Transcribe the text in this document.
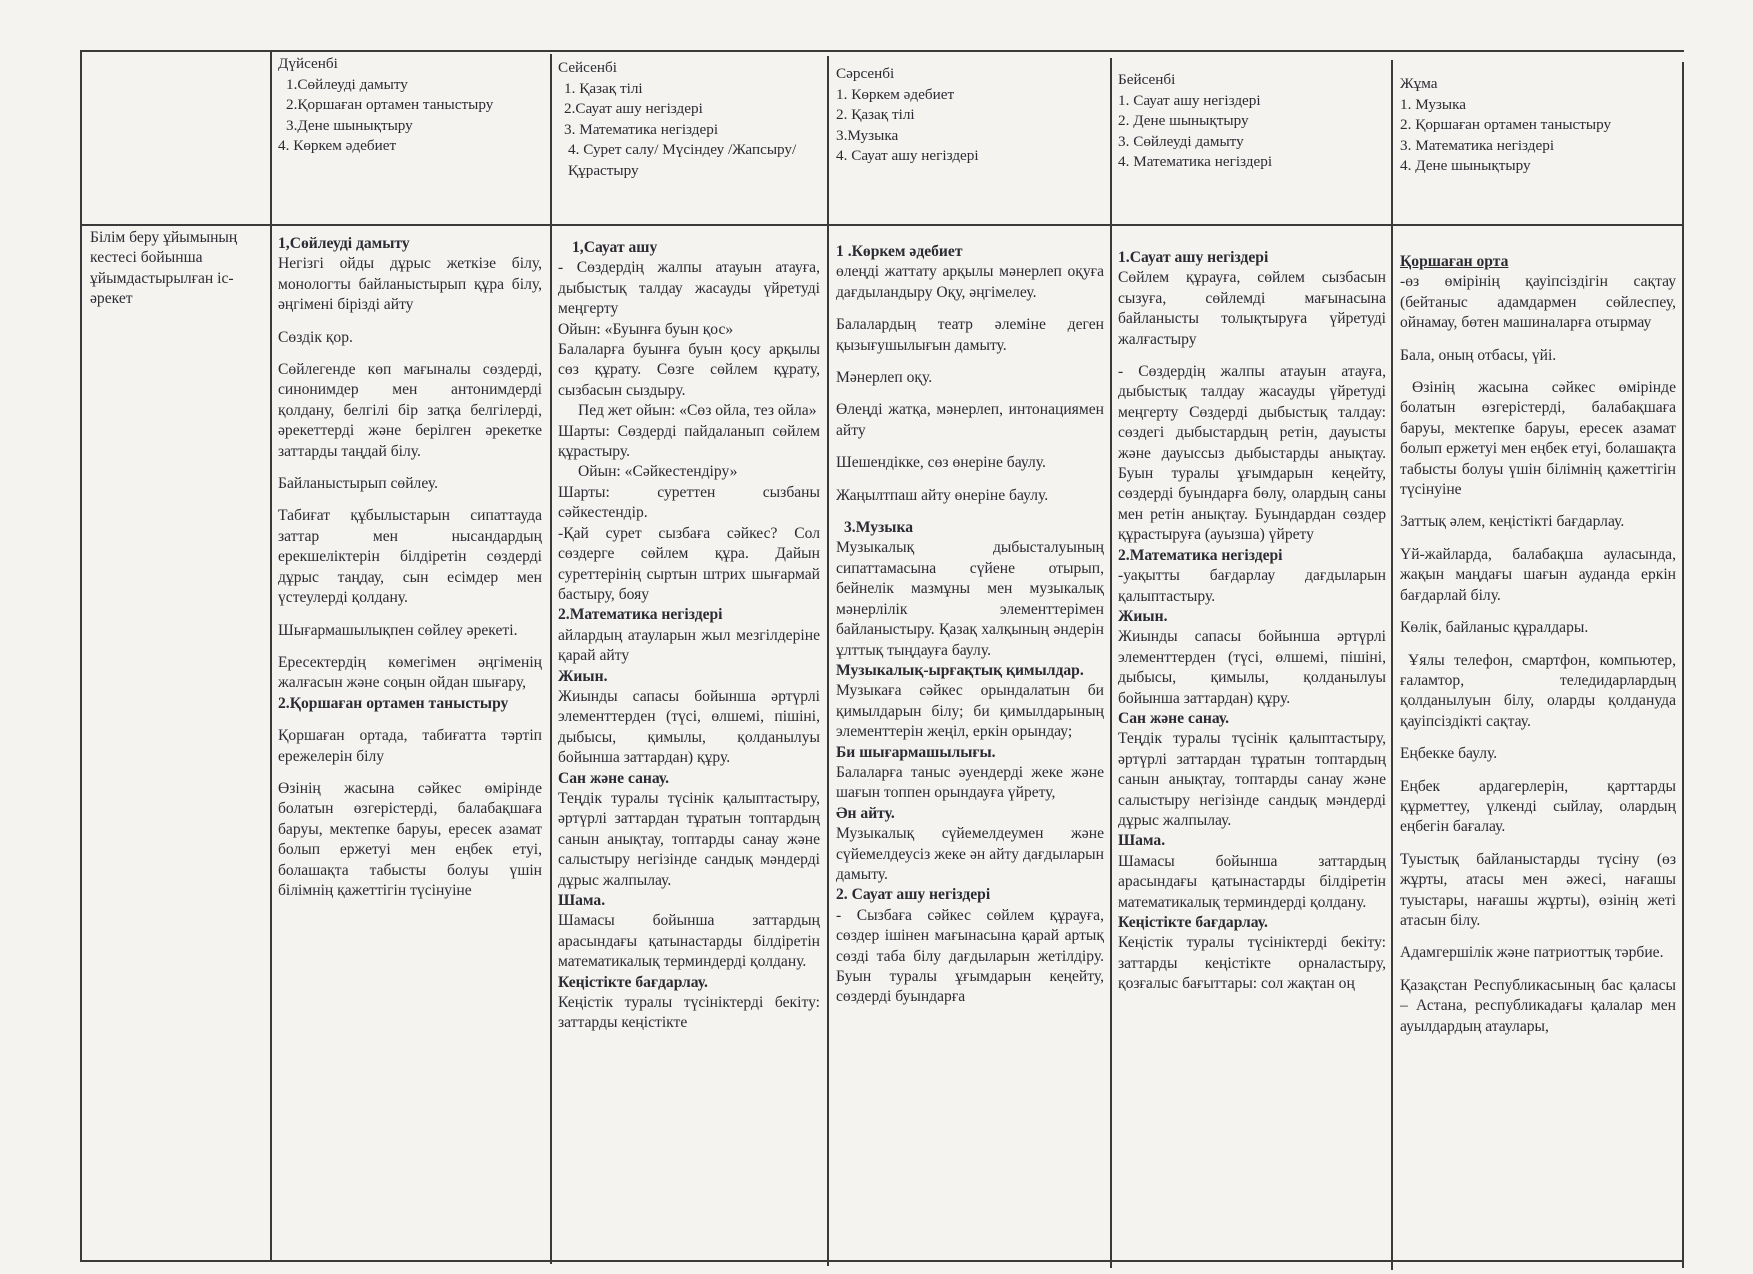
Дүйсенбі
1.Сөйлеуді дамыту
2.Қоршаған ортамен таныстыру
3.Дене шынықтыру
4. Көркем әдебиет
Сейсенбі
1. Қазақ тілі
2.Сауат ашу негіздері
3. Математика негіздері
4. Сурет салу/ Мүсіндеу /Жапсыру/Құрастыру
Сәрсенбі
1. Көркем әдебиет
2. Қазақ тілі
3.Музыка
4. Сауат ашу негіздері
Бейсенбі
1. Сауат ашу негіздері
2. Дене шынықтыру
3. Сөйлеуді дамыту
4. Математика негіздері
Жұма
1. Музыка
2. Қоршаған ортамен таныстыру
3. Математика негіздері
4. Дене шынықтыру
Білім беру ұйымының кестесі бойынша ұйымдастырылған іс-әрекет
1,Сөйлеуді дамыту
Негізгі ойды дұрыс жеткізе білу, монологты байланыстырып құра білу, әңгімені бірізді айту
Сөздік қор.
Сөйлегенде көп мағыналы сөздерді, синонимдер мен антонимдерді қолдану, белгілі бір затқа белгілерді, әрекеттерді және берілген әрекетке заттарды таңдай білу.
Байланыстырып сөйлеу.
Табиғат құбылыстарын сипаттауда заттар мен нысандардың ерекшеліктерін білдіретін сөздерді дұрыс таңдау, сын есімдер мен үстеулерді қолдану.
Шығармашылықпен сөйлеу әрекеті.
Ересектердің көмегімен әңгіменің жалғасын және соңын ойдан шығару,
2.Қоршаған ортамен таныстыру
Қоршаған ортада, табиғатта тәртіп ережелерін білу
Өзінің жасына сәйкес өмірінде болатын өзгерістерді, балабақшаға баруы, мектепке баруы, ересек азамат болып ержетуі мен еңбек етуі, болашақта табысты болуы үшін білімнің қажеттігін түсінуіне
1,Сауат ашу
- Сөздердің жалпы атауын атауға, дыбыстық талдау жасауды үйретуді меңгерту
Ойын: «Буынға буын қос»
Балаларға буынға буын қосу арқылы сөз құрату. Сөзге сөйлем құрату, сызбасын сыздыру.
Пед жет ойын: «Сөз ойла, тез ойла»
Шарты: Сөздерді пайдаланып сөйлем құрастыру.
Ойын: «Сәйкестендіру»
Шарты: суреттен сызбаны сәйкестендір.
-Қай сурет сызбаға сәйкес? Сол сөздерге сөйлем құра. Дайын суреттерінің сыртын штрих шығармай бастыру, бояу
2.Математика негіздері
айлардың атауларын жыл мезгілдеріне қарай айту
Жиын.
Жиынды сапасы бойынша әртүрлі элементтерден (түсі, өлшемі, пішіні, дыбысы, қимылы, қолданылуы бойынша заттардан) құру.
Сан және санау.
Теңдік туралы түсінік қалыптастыру, әртүрлі заттардан тұратын топтардың санын анықтау, топтарды санау және салыстыру негізінде сандық мәндерді дұрыс жалпылау.
Шама.
Шамасы бойынша заттардың арасындағы қатынастарды білдіретін математикалық терминдерді қолдану.
Кеңістікте бағдарлау.
Кеңістік туралы түсініктерді бекіту: заттарды кеңістікте
1 .Көркем әдебиет
өлеңді жаттату арқылы мәнерлеп оқуға дағдыландыру Оқу, әңгімелеу.
Балалардың театр әлеміне деген қызығушылығын дамыту.
Мәнерлеп оқу.
Өлеңді жатқа, мәнерлеп, интонациямен айту
Шешендікке, сөз өнеріне баулу.
Жаңылтпаш айту өнеріне баулу.
3.Музыка
Музыкалық дыбысталуының сипаттамасына сүйене отырып, бейнелік мазмұны мен музыкалық мәнерлілік элементтерімен байланыстыру. Қазақ халқының әндерін ұлттық тыңдауға баулу.
Музыкалық-ырғақтық қимылдар.
Музыкаға сәйкес орындалатын би қимылдарын білу; би қимылдарының элементтерін жеңіл, еркін орындау;
Би шығармашылығы.
Балаларға таныс әуендерді жеке және шағын топпен орындауға үйрету,
Ән айту.
Музыкалық сүйемелдеумен және сүйемелдеусіз жеке ән айту дағдыларын дамыту.
2. Сауат ашу негіздері
- Сызбаға сәйкес сөйлем құрауға, сөздер ішінен мағынасына қарай артық сөзді таба білу дағдыларын жетілдіру. Буын туралы ұғымдарын кеңейту, сөздерді буындарға
1.Сауат ашу негіздері
Сөйлем құрауға, сөйлем сызбасын сызуға, сөйлемді мағынасына байланысты толықтыруға үйретуді жалғастыру
- Сөздердің жалпы атауын атауға, дыбыстық талдау жасауды үйретуді меңгерту Сөздерді дыбыстық талдау: сөздегі дыбыстардың ретін, дауысты және дауыссыз дыбыстарды анықтау. Буын туралы ұғымдарын кеңейту, сөздерді буындарға бөлу, олардың саны мен ретін анықтау. Буындардан сөздер құрастыруға (ауызша) үйрету
2.Математика негіздері
-уақытты бағдарлау дағдыларын қалыптастыру.
Жиын.
Жиынды сапасы бойынша әртүрлі элементтерден (түсі, өлшемі, пішіні, дыбысы, қимылы, қолданылуы бойынша заттардан) құру.
Сан және санау.
Теңдік туралы түсінік қалыптастыру, әртүрлі заттардан тұратын топтардың санын анықтау, топтарды санау және салыстыру негізінде сандық мәндерді дұрыс жалпылау.
Шама.
Шамасы бойынша заттардың арасындағы қатынастарды білдіретін математикалық терминдерді қолдану.
Кеңістікте бағдарлау.
Кеңістік туралы түсініктерді бекіту: заттарды кеңістікте орналастыру, қозғалыс бағыттары: сол жақтан оң
Қоршаған орта
-өз өмірінің қауіпсіздігін сақтау (бейтаныс адамдармен сөйлеспеу, ойнамау, бөтен машиналарға отырмау
Бала, оның отбасы, үйі.
Өзінің жасына сәйкес өмірінде болатын өзгерістерді, балабақшаға баруы, мектепке баруы, ересек азамат болып ержетуі мен еңбек етуі, болашақта табысты болуы үшін білімнің қажеттігін түсінуіне
Заттық әлем, кеңістікті бағдарлау.
Үй-жайларда, балабақша ауласында, жақын маңдағы шағын ауданда еркін бағдарлай білу.
Көлік, байланыс құралдары.
Ұялы телефон, смартфон, компьютер, ғаламтор, теледидарлардың қолданылуын білу, оларды қолдануда қауіпсіздікті сақтау.
Еңбекке баулу.
Еңбек ардагерлерін, қарттарды құрметтеу, үлкенді сыйлау, олардың еңбегін бағалау.
Туыстық байланыстарды түсіну (өз жұрты, атасы мен әжесі, нағашы туыстары, нағашы жұрты), өзінің жеті атасын білу.
Адамгершілік және патриоттық тәрбие.
Қазақстан Республикасының бас қаласы – Астана, республикадағы қалалар мен ауылдардың атаулары,
